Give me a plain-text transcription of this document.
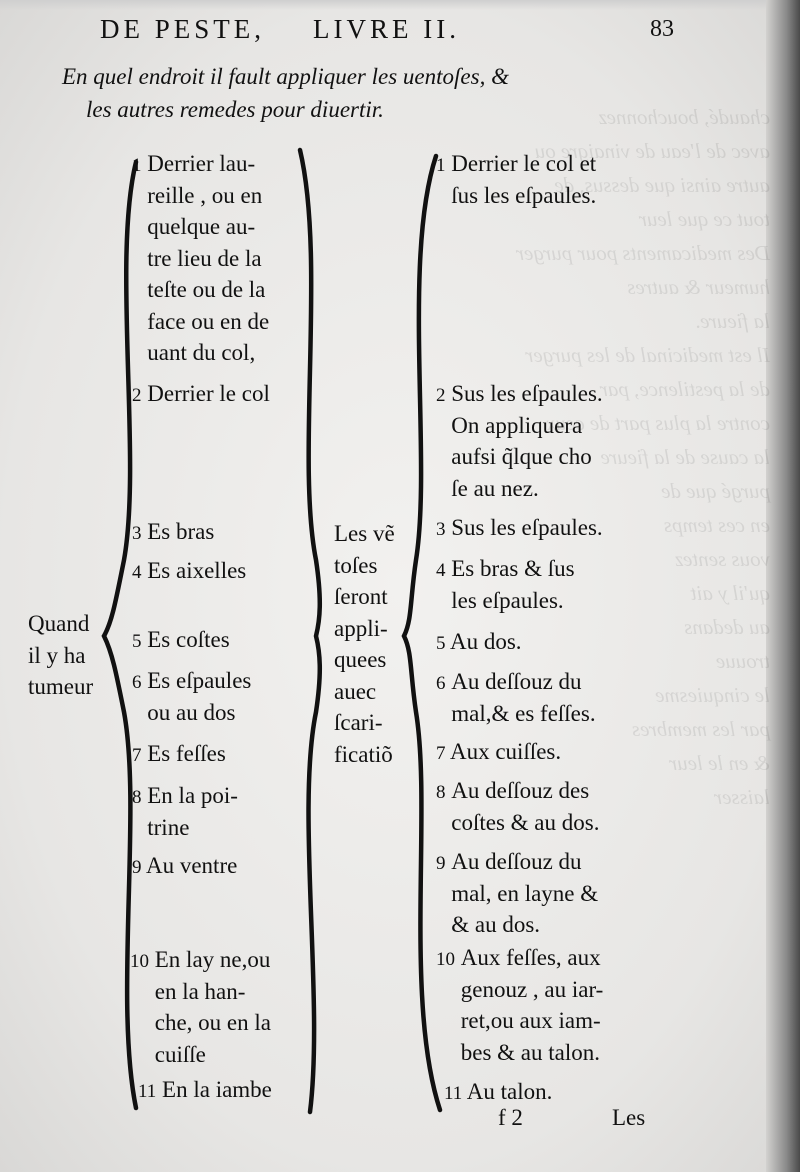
chaudé, bouchonnez
avec de l'eau de vinaigre ou
autre ainsi que dessus, de
tout ce que leur
Des medicaments pour purger
humeur & autres
la fieure.
Il est medicinal de les purger
de la pestilence, par
contre la plus part de ceux
la cause de la fieure
purgé que de
en ces temps
vous sentez
qu'il y ait
au dedans
trouue
le cinquiesme
par les membres
& en le leur
laisser
DE PESTE, LIVRE II.	83
En quel endroit il fault appliquer les uentoſes, &
les autres remedes pour diuertir.
Quand
il y ha
tumeur
Les vẽ
toſes
ſeront
appli-
quees
auec
ſcari-
ficatiõ
1 Derrier lau-
reille , ou en
quelque au-
tre lieu de la
teſte ou de la
face ou en de
uant du col,
2 Derrier le col
3 Es bras
4 Es aixelles
5 Es coſtes
6 Es eſpaules
ou au dos
7 Es feſſes
8 En la poi-
trine
9 Au ventre
10 En lay ne,ou
en la han-
che, ou en la
cuiſſe
11 En la iambe
1 Derrier le col et
ſus les eſpaules.
2 Sus les eſpaules.
On appliquera
aufsi q̃lque cho
ſe au nez.
3 Sus les eſpaules.
4 Es bras & ſus
les eſpaules.
5 Au dos.
6 Au deſſouz du
mal,& es feſſes.
7 Aux cuiſſes.
8 Au deſſouz des
coſtes & au dos.
9 Au deſſouz du
mal, en layne &
& au dos.
10 Aux feſſes, aux
genouz , au iar-
ret,ou aux iam-
bes & au talon.
11 Au talon.
f 2	Les
